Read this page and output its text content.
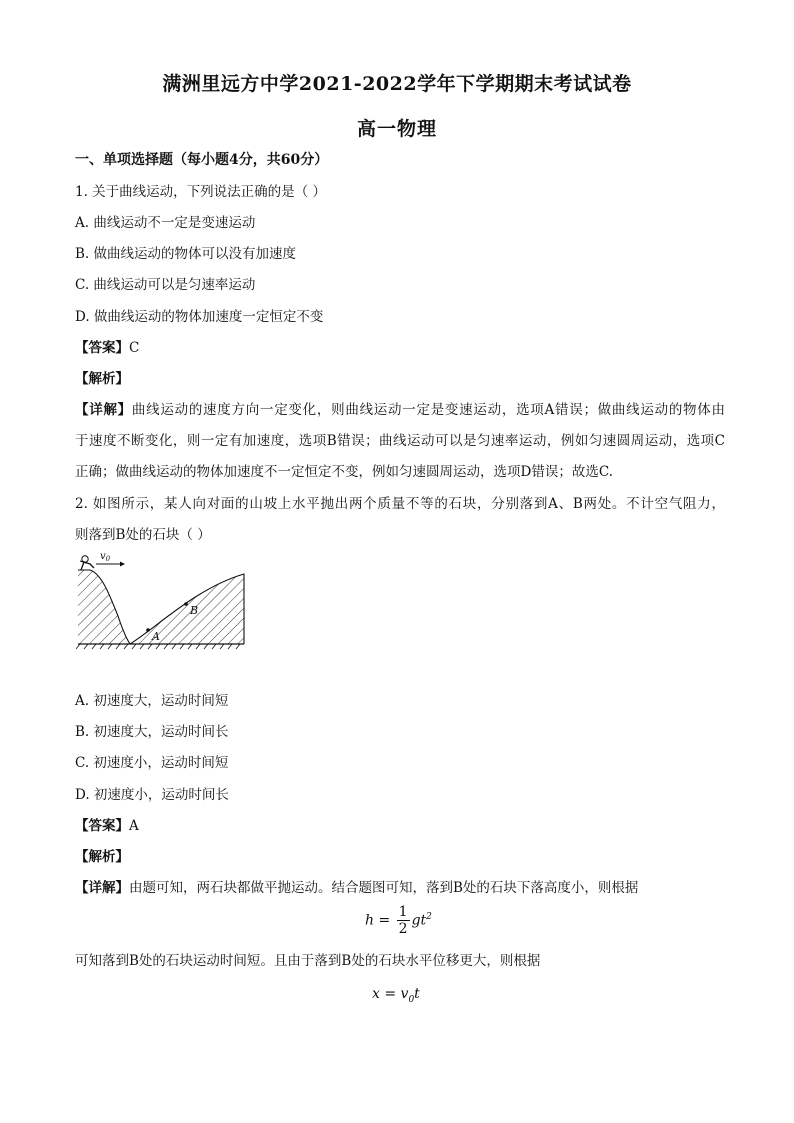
满洲里远方中学2021-2022学年下学期期末考试试卷
高一物理
一、单项选择题（每小题4分，共60分）
1. 关于曲线运动，下列说法正确的是（ ）
A. 曲线运动不一定是变速运动
B. 做曲线运动的物体可以没有加速度
C. 曲线运动可以是匀速率运动
D. 做曲线运动的物体加速度一定恒定不变
【答案】C
【解析】
【详解】曲线运动的速度方向一定变化，则曲线运动一定是变速运动，选项A错误；做曲线运动的物体由
于速度不断变化，则一定有加速度，选项B错误；曲线运动可以是匀速率运动，例如匀速圆周运动，选项C
正确；做曲线运动的物体加速度不一定恒定不变，例如匀速圆周运动，选项D错误；故选C.
2. 如图所示，某人向对面的山坡上水平抛出两个质量不等的石块，分别落到A、B两处。不计空气阻力，
则落到B处的石块（ ）
$v_0$
A
B
A. 初速度大，运动时间短
B. 初速度大，运动时间长
C. 初速度小，运动时间短
D. 初速度小，运动时间长
【答案】A
【解析】
【详解】由题可知，两石块都做平抛运动。结合题图可知，落到B处的石块下落高度小，则根据
$h = \frac{1}{2} gt^2$
可知落到B处的石块运动时间短。且由于落到B处的石块水平位移更大，则根据
$x = v_0t$
